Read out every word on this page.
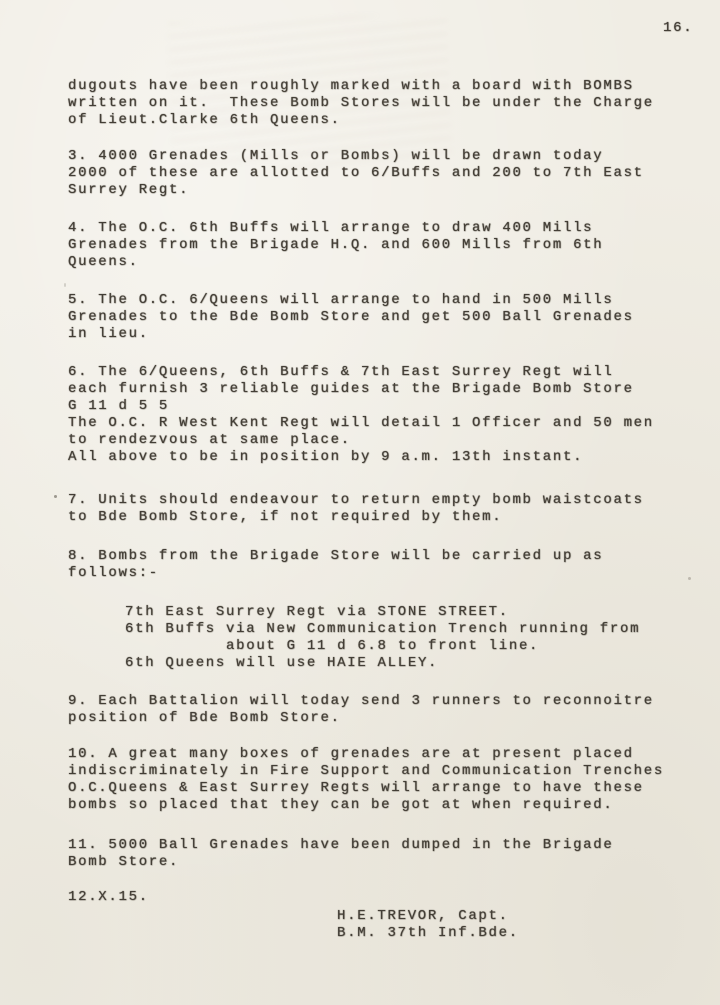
16.
dugouts have been roughly marked with a board with BOMBS
written on it.  These Bomb Stores will be under the Charge
of Lieut.Clarke 6th Queens.
3. 4000 Grenades (Mills or Bombs) will be drawn today
2000 of these are allotted to 6/Buffs and 200 to 7th East
Surrey Regt.
4. The O.C. 6th Buffs will arrange to draw 400 Mills
Grenades from the Brigade H.Q. and 600 Mills from 6th
Queens.
5. The O.C. 6/Queens will arrange to hand in 500 Mills
Grenades to the Bde Bomb Store and get 500 Ball Grenades
in lieu.
6. The 6/Queens, 6th Buffs & 7th East Surrey Regt will
each furnish 3 reliable guides at the Brigade Bomb Store
G 11 d 5 5
The O.C. R West Kent Regt will detail 1 Officer and 50 men
to rendezvous at same place.
All above to be in position by 9 a.m. 13th instant.
7. Units should endeavour to return empty bomb waistcoats
to Bde Bomb Store, if not required by them.
8. Bombs from the Brigade Store will be carried up as
follows:-
7th East Surrey Regt via STONE STREET.
6th Buffs via New Communication Trench running from
about G 11 d 6.8 to front line.
6th Queens will use HAIE ALLEY.
9. Each Battalion will today send 3 runners to reconnoitre
position of Bde Bomb Store.
10. A great many boxes of grenades are at present placed
indiscriminately in Fire Support and Communication Trenches
O.C.Queens & East Surrey Regts will arrange to have these
bombs so placed that they can be got at when required.
11. 5000 Ball Grenades have been dumped in the Brigade
Bomb Store.
12.X.15.
H.E.TREVOR, Capt.
B.M. 37th Inf.Bde.
